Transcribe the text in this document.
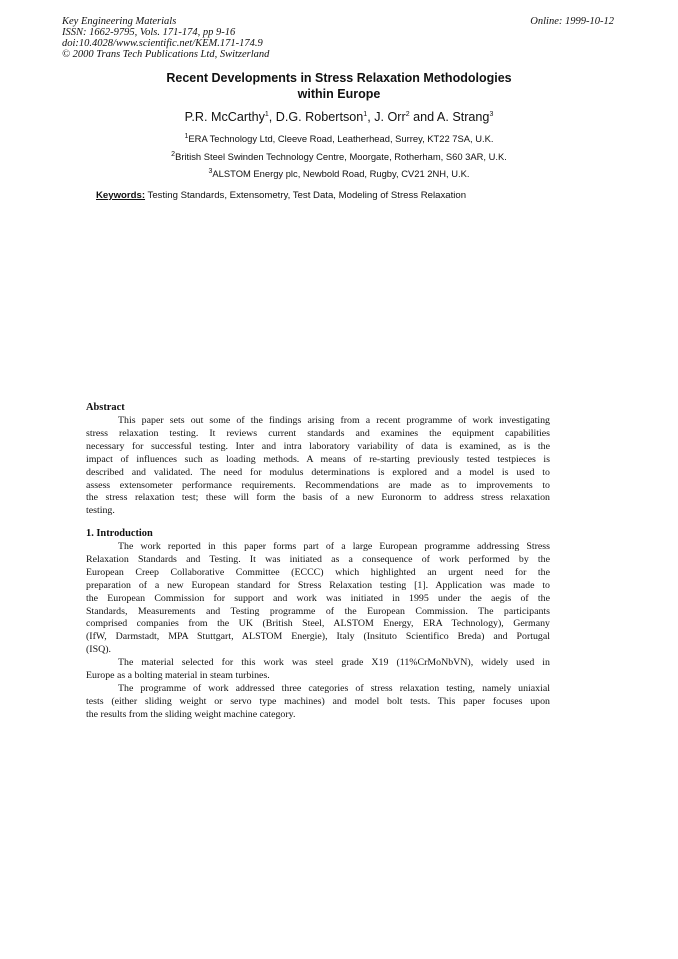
Key Engineering Materials
ISSN: 1662-9795, Vols. 171-174, pp 9-16
doi:10.4028/www.scientific.net/KEM.171-174.9
© 2000 Trans Tech Publications Ltd, Switzerland
Online: 1999-10-12
Recent Developments in Stress Relaxation Methodologies
within Europe
P.R. McCarthy$^1$, D.G. Robertson$^1$, J. Orr$^2$ and A. Strang$^3$
$^1$ERA Technology Ltd, Cleeve Road, Leatherhead, Surrey, KT22 7SA, U.K.
$^2$British Steel Swinden Technology Centre, Moorgate, Rotherham, S60 3AR, U.K.
$^3$ALSTOM Energy plc, Newbold Road, Rugby, CV21 2NH, U.K.
Keywords: Testing Standards, Extensometry, Test Data, Modeling of Stress Relaxation
Abstract
This paper sets out some of the findings arising from a recent programme of work investigating
stress relaxation testing. It reviews current standards and examines the equipment capabilities
necessary for successful testing. Inter and intra laboratory variability of data is examined, as is the
impact of influences such as loading methods. A means of re-starting previously tested testpieces is
described and validated. The need for modulus determinations is explored and a model is used to
assess extensometer performance requirements. Recommendations are made as to improvements to
the stress relaxation test; these will form the basis of a new Euronorm to address stress relaxation
testing.
1. Introduction
The work reported in this paper forms part of a large European programme addressing Stress
Relaxation Standards and Testing. It was initiated as a consequence of work performed by the
European Creep Collaborative Committee (ECCC) which highlighted an urgent need for the
preparation of a new European standard for Stress Relaxation testing [1]. Application was made to
the European Commission for support and work was initiated in 1995 under the aegis of the
Standards, Measurements and Testing programme of the European Commission. The participants
comprised companies from the UK (British Steel, ALSTOM Energy, ERA Technology), Germany
(IfW, Darmstadt, MPA Stuttgart, ALSTOM Energie), Italy (Insituto Scientifico Breda) and Portugal
(ISQ).
The material selected for this work was steel grade X19 (11%CrMoNbVN), widely used in
Europe as a bolting material in steam turbines.
The programme of work addressed three categories of stress relaxation testing, namely uniaxial
tests (either sliding weight or servo type machines) and model bolt tests. This paper focuses upon
the results from the sliding weight machine category.
